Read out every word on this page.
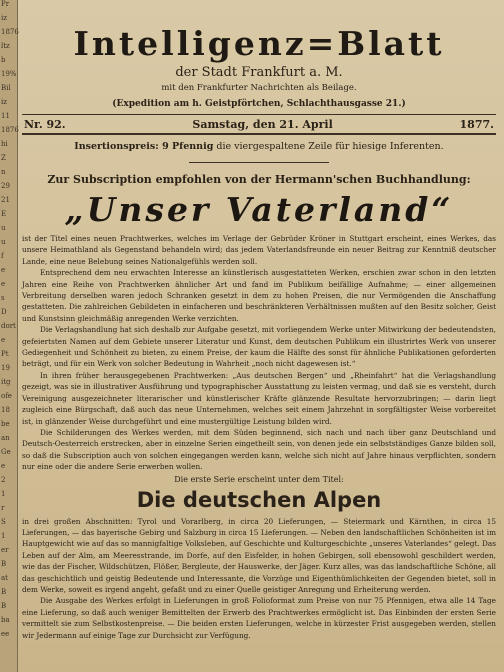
Pr
iz
1876
ltz
b
19%
Bil
iz
11
1876
hi
Z
n
29
21
E
u
u
f
e
e
s
D
dort
e
Pt
19
itg
ofe
18
be
an
Ge
e
2
1
r
S
1
er
B
at
B
B
ba
ee
Intelligenz=Blatt
der Stadt Frankfurt a. M.
mit den Frankfurter Nachrichten als Beilage.
(Expedition am h. Geistpförtchen, Schlachthausgasse 21.)
Nr. 92.	Samstag, den 21. April	1877.
Insertionspreis: 9 Pfennig die viergespaltene Zeile für hiesige Inferenten.
Zur Subscription empfohlen von der Hermann'schen Buchhandlung:
„Unser Vaterland“

ist der Titel eines neuen Prachtwerkes, welches im Verlage der Gebrüder Kröner in Stuttgart erscheint, eines Werkes, das unsere Heimathland als Gegenstand behandeln wird; das jedem Vaterlandsfreunde ein neuer Beitrag zur Kenntniß deutscher Lande, eine neue Belebung seines Nationalgefühls werden soll.

Entsprechend dem neu erwachten Interesse an künstlerisch ausgestatteten Werken, erschien zwar schon in den letzten Jahren eine Reihe von Prachtwerken ähnlicher Art und fand im Publikum beifällige Aufnahme; — einer allgemeinen Verbreitung derselben waren jedoch Schranken gesetzt in dem zu hohen Preisen, die nur Vermögenden die Anschaffung gestatteten. Die zahlreichen Gebildeten in einfacheren und beschränkteren Verhältnissen mußten auf den Besitz solcher, Geist und Kunstsinn gleichmäßig anregenden Werke verzichten.

Die Verlagshandlung hat sich deshalb zur Aufgabe gesetzt, mit vorliegendem Werke unter Mitwirkung der bedeutendsten, gefeiertsten Namen auf dem Gebiete unserer Literatur und Kunst, dem deutschen Publikum ein illustrirtes Werk von unserer Gediegenheit und Schönheit zu bieten, zu einem Preise, der kaum die Hälfte des sonst für ähnliche Publikationen geforderten beträgt, und für ein Werk von solcher Bedeutung in Wahrheit „noch nicht dagewesen ist.“

In ihren früher herausgegebenen Prachtwerken: „Aus deutschen Bergen“ und „Rheinfahrt“ hat die Verlagshandlung gezeigt, was sie in illustrativer Ausführung und typographischer Ausstattung zu leisten vermag, und daß sie es versteht, durch Vereinigung ausgezeichneter literarischer und künstlerischer Kräfte glänzende Resultate hervorzubringen; — darin liegt zugleich eine Bürgschaft, daß auch das neue Unternehmen, welches seit einem Jahrzehnt in sorgfältigster Weise vorbereitet ist, in glänzender Weise durchgeführt und eine mustergültige Leistung bilden wird.

Die Schilderungen des Werkes werden, mit dem Süden beginnend, sich nach und nach über ganz Deutschland und Deutsch-Oesterreich erstrecken, aber in einzelne Serien eingetheilt sein, von denen jede ein selbstständiges Ganze bilden soll, so daß die Subscription auch von solchen eingegangen werden kann, welche sich nicht auf Jahre hinaus verpflichten, sondern nur eine oder die andere Serie erwerben wollen.

Die erste Serie erscheint unter dem Titel:
Die deutschen Alpen

in drei großen Abschnitten: Tyrol und Vorarlberg, in circa 20 Lieferungen, — Steiermark und Kärnthen, in circa 15 Lieferungen, — das bayerische Gebirg und Salzburg in circa 15 Lieferungen. — Neben den landschaftlichen Schönheiten ist im Hauptgewicht wie auf das so mannigfaltige Volksleben, auf Geschichte und Kulturgeschichte „unseres Vaterlandes“ gelegt. Das Leben auf der Alm, am Meeresstrande, im Dorfe, auf den Eisfelder, in hohen Gebirgen, soll ebensowohl geschildert werden, wie das der Fischer, Wildschützen, Flößer, Bergleute, der Hauswerke, der Jäger. Kurz alles, was das landschaftliche Schöne, all das geschichtlich und geistig Bedeutende und Interessante, die Vorzüge und Eigenthümlichkeiten der Gegenden bietet, soll in dem Werke, soweit es irgend angeht, gefaßt und zu einer Quelle geistiger Anregung und Erheiterung werden.

Die Ausgabe des Werkes erfolgt in Lieferungen in groß Folioformat zum Preise von nur 75 Pfennigen, etwa alle 14 Tage eine Lieferung, so daß auch weniger Bemittelten der Erwerb des Prachtwerkes ermöglicht ist. Das Einbinden der ersten Serie vermittelt sie zum Selbstkostenpreise. — Die beiden ersten Lieferungen, welche in kürzester Frist ausgegeben werden, stellen wir Jedermann auf einige Tage zur Durchsicht zur Verfügung.
